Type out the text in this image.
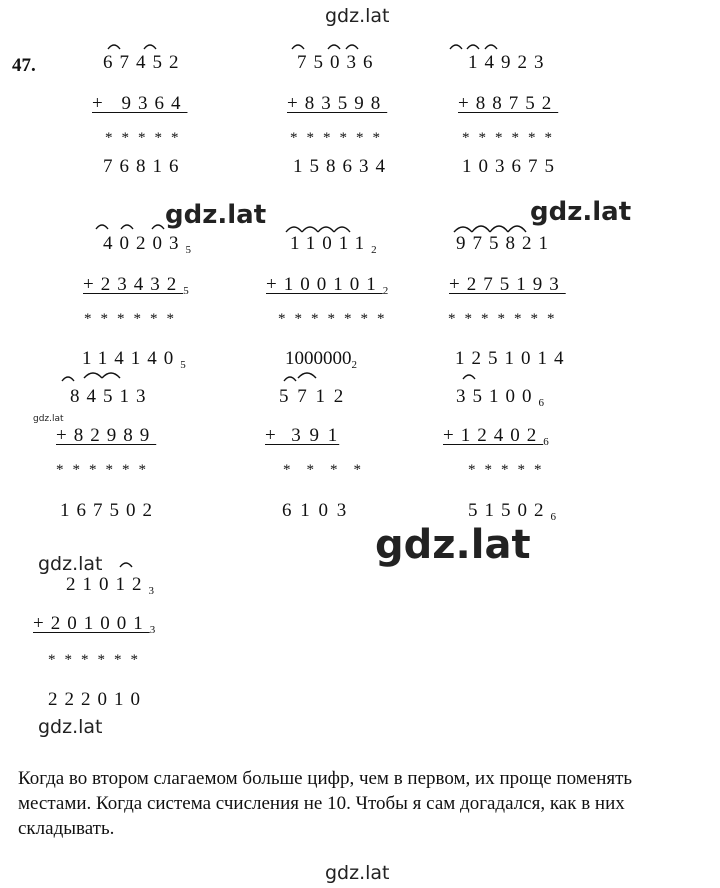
gdz.lat
gdz.lat	gdz.lat
gdz.lat
gdz.lat
gdz.lat
gdz.lat
gdz.lat
47.	67452
+ 9364
*****
76816
75036
+83598
******
158634
14923
+88752
******
103675
$40203_5$
$+23432_5$
******
$114140_5$
$11011_2$
$+100101_2$
*******
$1000000_2$
975821
+275193
*******
1251014
84513
+82989
******
167502
5 7 1 2
+  3 9 1
****
6 1 0 3
$35100_6$
$+12402_6$
*****
$51502_6$
$21012_3$
$+201001_3$
******
222010
Когда во втором слагаемом больше цифр, чем в первом, их проще поменять местами. Когда система счисления не 10. Чтобы я сам догадался, как в них складывать.
